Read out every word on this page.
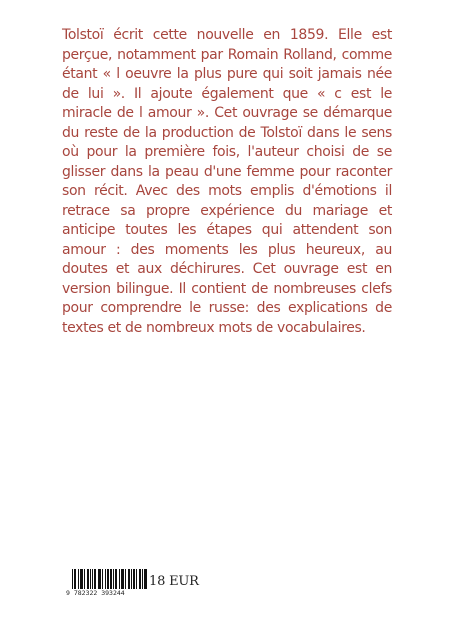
Tolstoï écrit cette nouvelle en 1859. Elle est perçue, notamment par Romain Rolland, comme étant « l oeuvre la plus pure qui soit jamais née de lui ». Il ajoute également que « c est le miracle de l amour ». Cet ouvrage se démarque du reste de la production de Tolstoï dans le sens où pour la première fois, l'auteur choisi de se glisser dans la peau d'une femme pour raconter son récit. Avec des mots emplis d'émotions il retrace sa propre expérience du mariage et anticipe toutes les étapes qui attendent son amour : des moments les plus heureux, au doutes et aux déchirures. Cet ouvrage est en version bilingue. Il contient de nombreuses clefs pour comprendre le russe: des explications de textes et de nombreux mots de vocabulaires.

9 782322 393244
18 EUR
